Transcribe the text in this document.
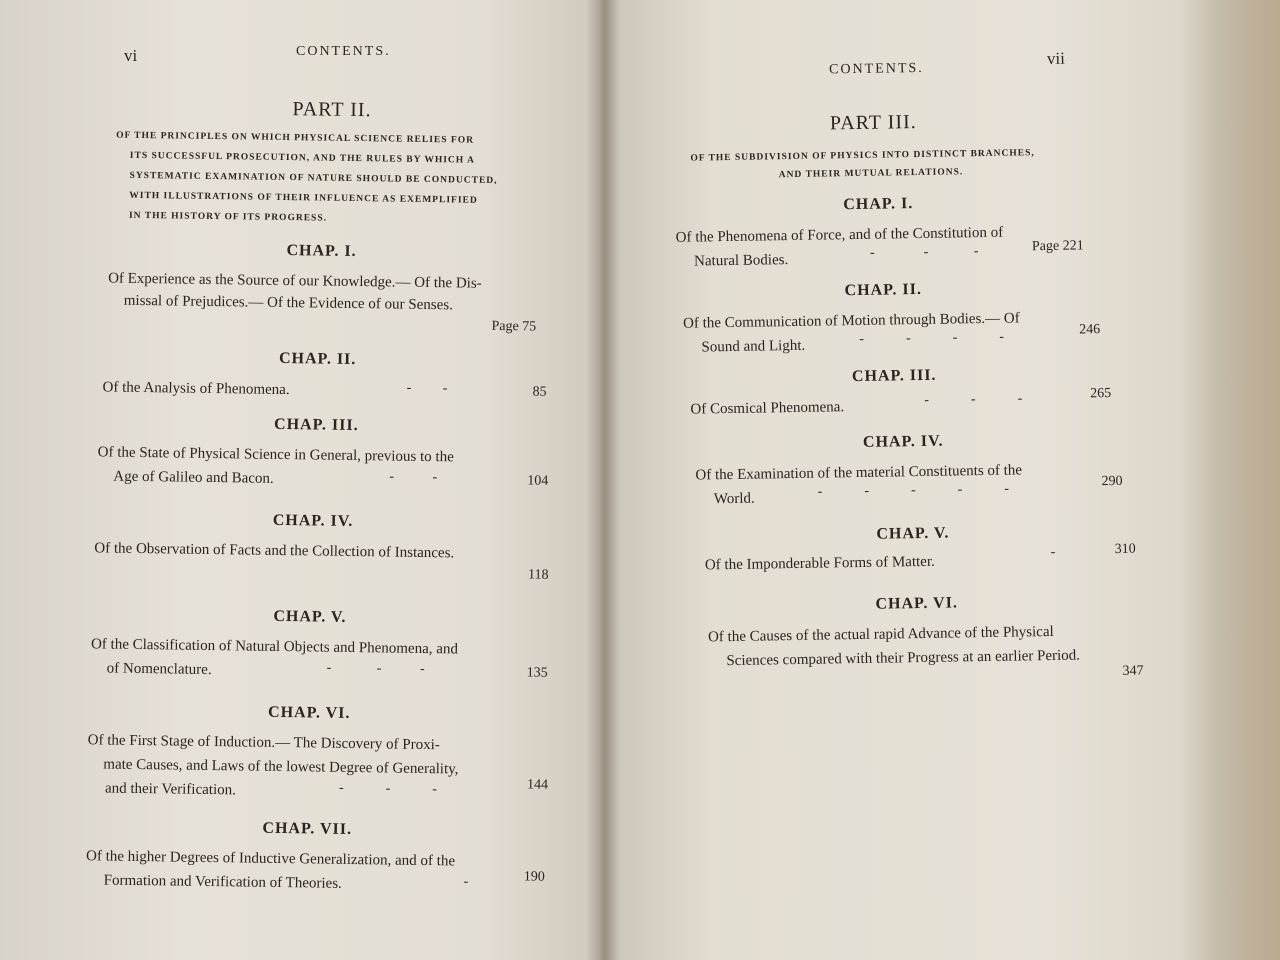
vi	CONTENTS.
PART II.
OF THE PRINCIPLES ON WHICH PHYSICAL SCIENCE RELIES FOR
ITS SUCCESSFUL PROSECUTION, AND THE RULES BY WHICH A
SYSTEMATIC EXAMINATION OF NATURE SHOULD BE CONDUCTED,
WITH ILLUSTRATIONS OF THEIR INFLUENCE AS EXEMPLIFIED
IN THE HISTORY OF ITS PROGRESS.
CHAP. I.
Of Experience as the Source of our Knowledge.— Of the Dis-
missal of Prejudices.— Of the Evidence of our Senses.
Page 75
CHAP. II.
Of the Analysis of Phenomena.	-         -	85
CHAP. III.
Of the State of Physical Science in General, previous to the
Age of Galileo and Bacon.	-           -	104
CHAP. IV.
Of the Observation of Facts and the Collection of Instances.
118
CHAP. V.
Of the Classification of Natural Objects and Phenomena, and
of Nomenclature.	-             -           -	135
CHAP. VI.
Of the First Stage of Induction.— The Discovery of Proxi-
mate Causes, and Laws of the lowest Degree of Generality,
and their Verification.	-            -            -	144
CHAP. VII.
Of the higher Degrees of Inductive Generalization, and of the
Formation and Verification of Theories.	-	190
CONTENTS.
vii
PART III.
OF THE SUBDIVISION OF PHYSICS INTO DISTINCT BRANCHES,
AND THEIR MUTUAL RELATIONS.
CHAP. I.
Of the Phenomena of Force, and of the Constitution of
Natural Bodies.	-              -             -	Page 221
CHAP. II.
Of the Communication of Motion through Bodies.— Of
Sound and Light.	-            -            -            -	246
CHAP. III.
Of Cosmical Phenomena.	-            -            -	265
CHAP. IV.
Of the Examination of the material Constituents of the
World.	-            -            -            -            -
290
CHAP. V.
Of the Imponderable Forms of Matter.
-	310
CHAP. VI.
Of the Causes of the actual rapid Advance of the Physical
Sciences compared with their Progress at an earlier Period.
347
